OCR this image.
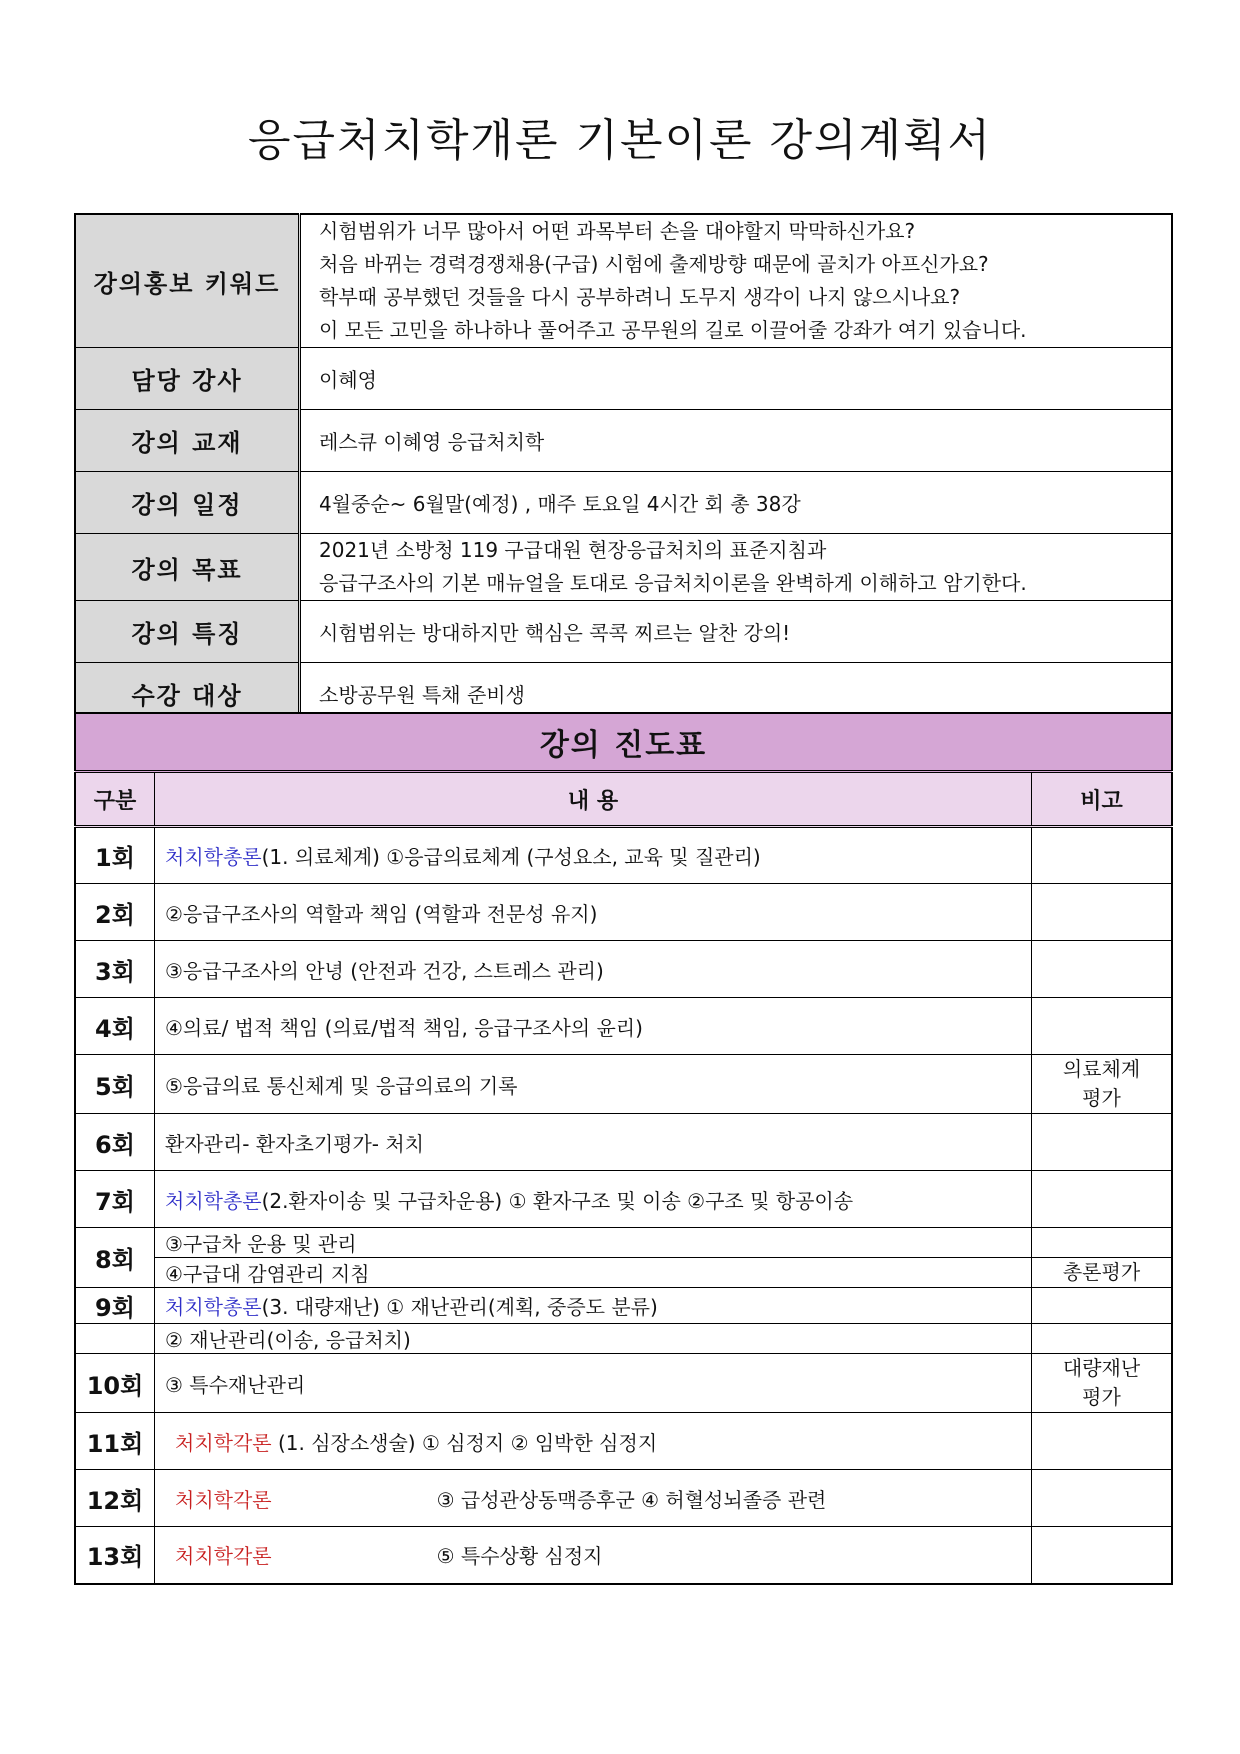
응급처치학개론 기본이론 강의계획서
강의홍보 키워드	시험범위가 너무 많아서 어떤 과목부터 손을 대야할지 막막하신가요?
처음 바뀌는 경력경쟁채용(구급) 시험에 출제방향 때문에 골치가 아프신가요?
학부때 공부했던 것들을 다시 공부하려니 도무지 생각이 나지 않으시나요?
이 모든 고민을 하나하나 풀어주고 공무원의 길로 이끌어줄 강좌가 여기 있습니다.

담당 강사	이혜영
강의 교재	레스큐 이혜영 응급처치학
강의 일정	4월중순~ 6월말(예정) , 매주 토요일 4시간 회 총 38강
강의 목표	2021년 소방청 119 구급대원 현장응급처치의 표준지침과
응급구조사의 기본 매뉴얼을 토대로 응급처치이론을 완벽하게 이해하고 암기한다.

강의 특징	시험범위는 방대하지만 핵심은 콕콕 찌르는 알찬 강의!
수강 대상	소방공무원 특채 준비생
강의 진도표		
구분	내 용	비고
1회	처치학총론(1. 의료체계) ①응급의료체계 (구성요소, 교육 및 질관리)	
2회	②응급구조사의 역할과 책임 (역할과 전문성 유지)	
3회	③응급구조사의 안녕 (안전과 건강, 스트레스 관리)	
4회	④의료/ 법적 책임 (의료/법적 책임, 응급구조사의 윤리)	
5회	⑤응급의료 통신체계 및 응급의료의 기록	의료체계
평가

6회	환자관리- 환자초기평가- 처치	
7회	처치학총론(2.환자이송 및 구급차운용) ① 환자구조 및 이송 ②구조 및 항공이송	
8회	③구급차 운용 및 관리	
	④구급대 감염관리 지침	총론평가
9회	처치학총론(3. 대량재난) ① 재난관리(계획, 중증도 분류)	
	② 재난관리(이송, 응급처치)	
10회	③ 특수재난관리	대량재난
평가

11회	처치학각론 (1. 심장소생술) ① 심정지 ② 임박한 심정지	
12회	처치학각론 ③ 급성관상동맥증후군 ④ 허혈성뇌졸증 관련	
13회	처치학각론 ⑤ 특수상황 심정지	
